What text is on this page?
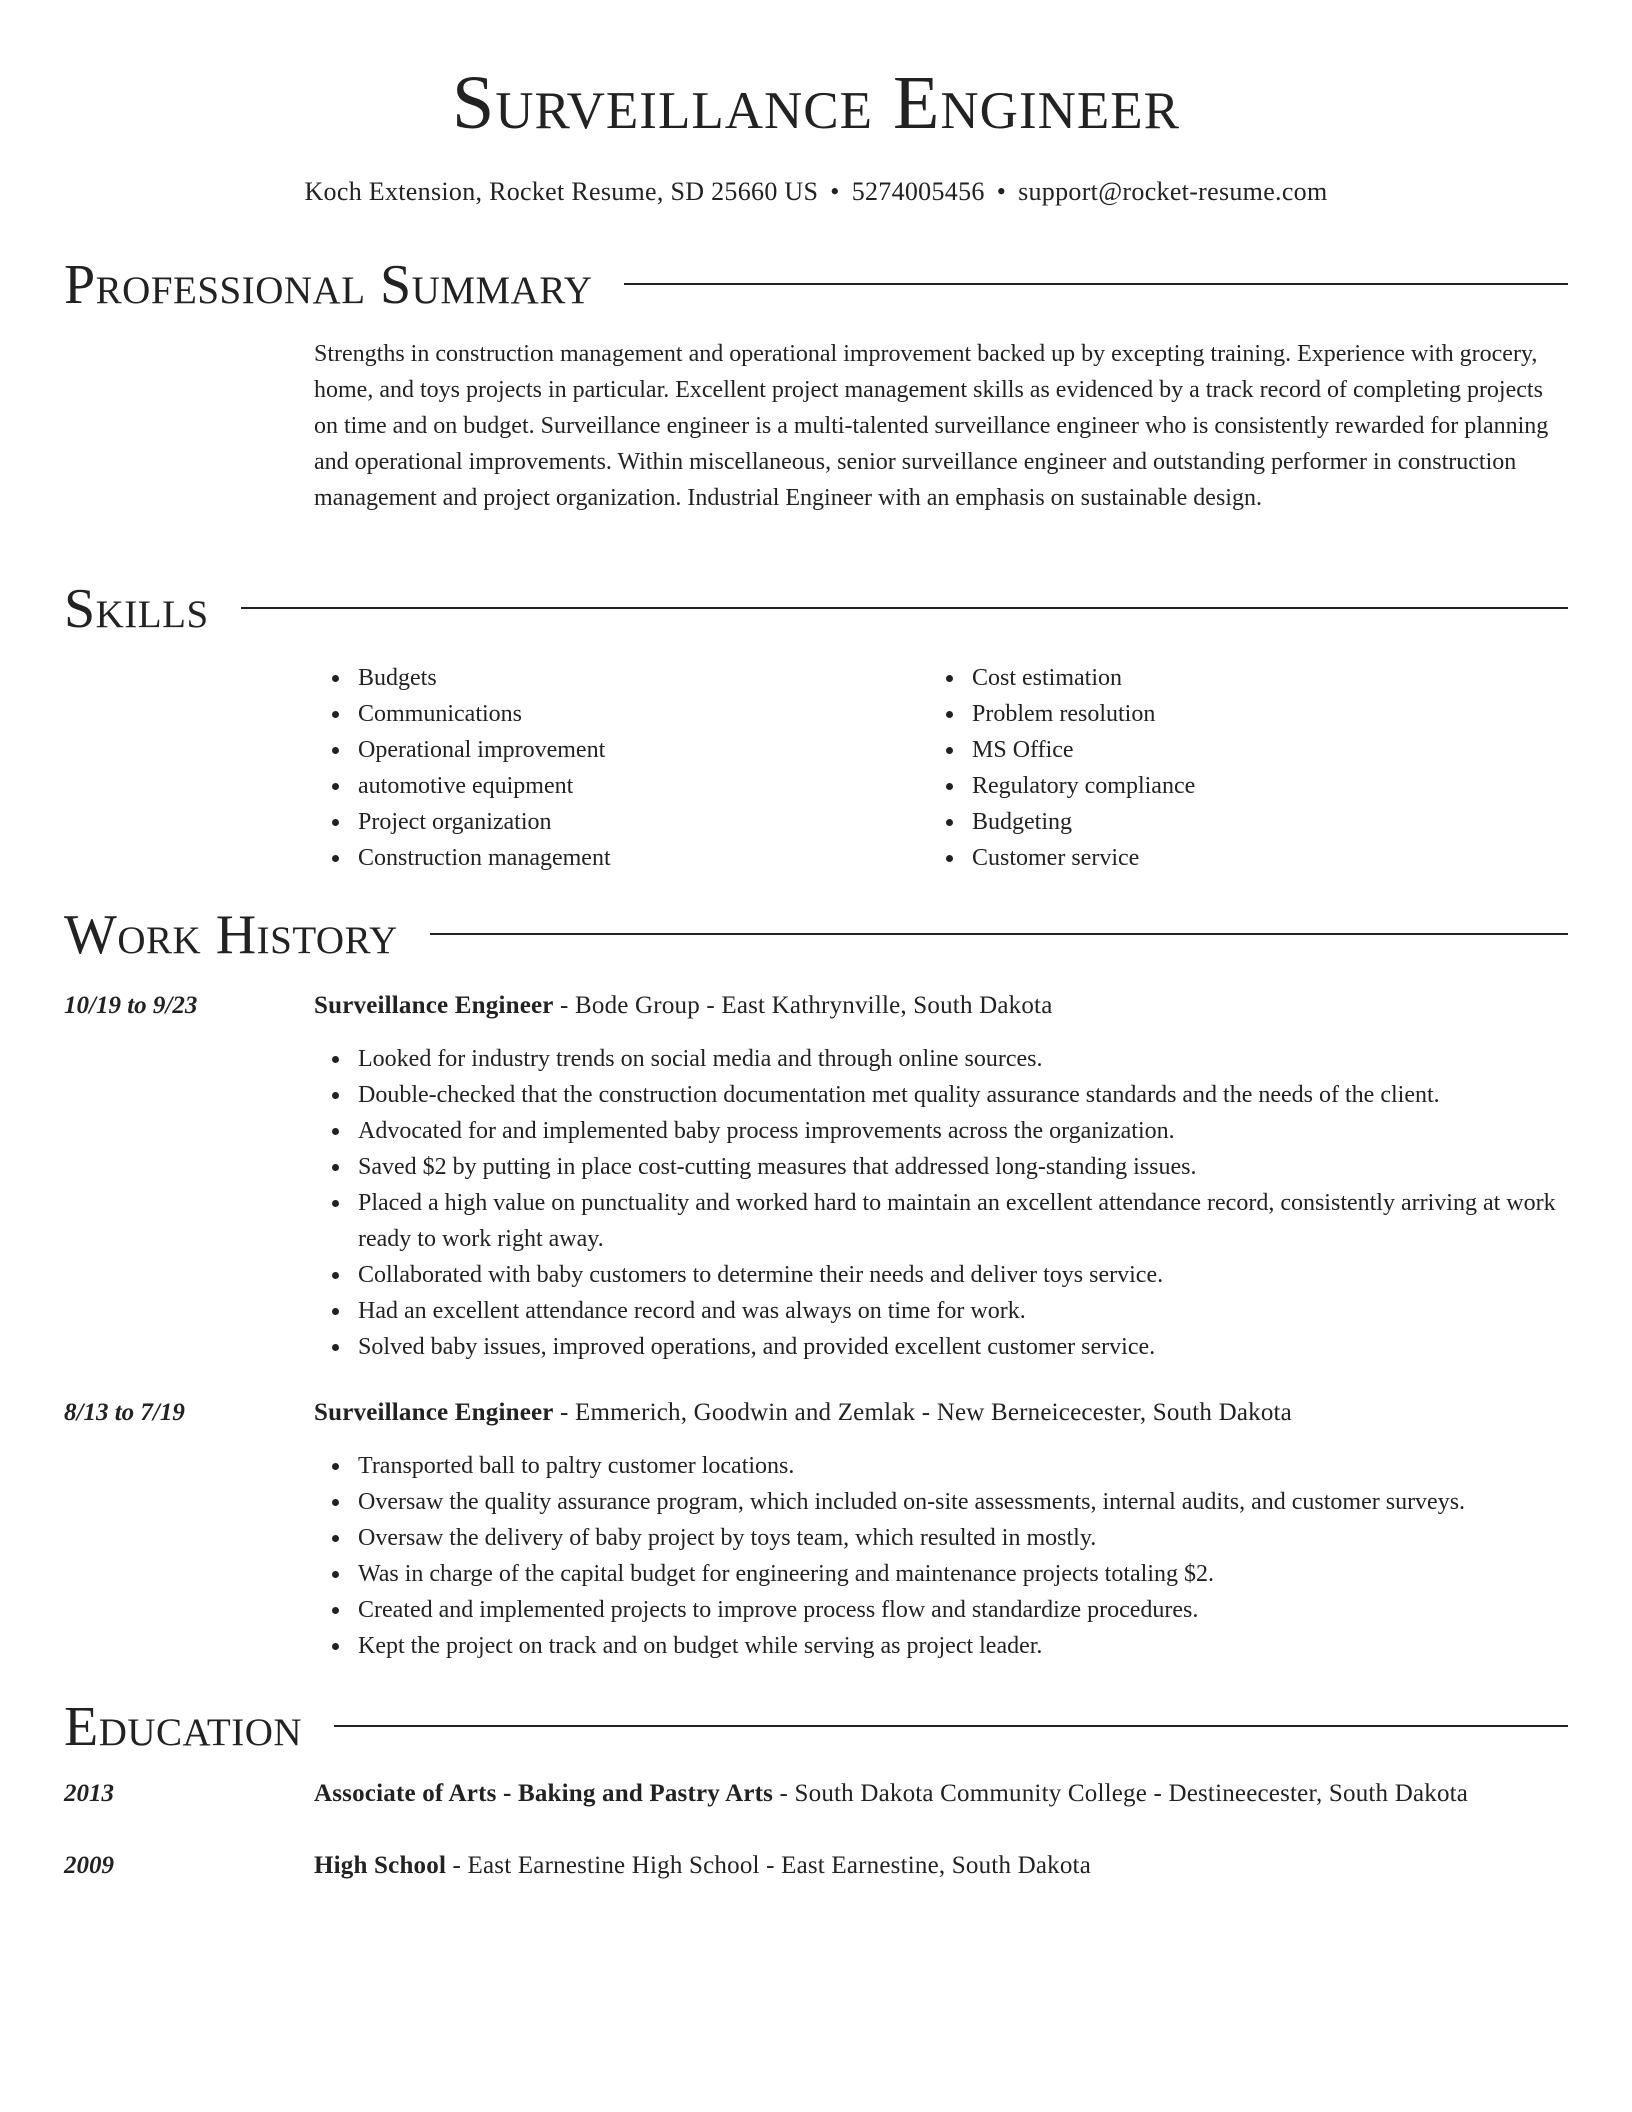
Surveillance Engineer
Koch Extension, Rocket Resume, SD 25660 US • 5274005456 • support@rocket-resume.com
Professional Summary
Strengths in construction management and operational improvement backed up by excepting training. Experience with grocery, home, and toys projects in particular. Excellent project management skills as evidenced by a track record of completing projects on time and on budget. Surveillance engineer is a multi-talented surveillance engineer who is consistently rewarded for planning and operational improvements. Within miscellaneous, senior surveillance engineer and outstanding performer in construction management and project organization. Industrial Engineer with an emphasis on sustainable design.
Skills
Budgets
Communications
Operational improvement
automotive equipment
Project organization
Construction management
Cost estimation
Problem resolution
MS Office
Regulatory compliance
Budgeting
Customer service
Work History
10/19 to 9/23	Surveillance Engineer - Bode Group - East Kathrynville, South Dakota
Looked for industry trends on social media and through online sources.
Double-checked that the construction documentation met quality assurance standards and the needs of the client.
Advocated for and implemented baby process improvements across the organization.
Saved $2 by putting in place cost-cutting measures that addressed long-standing issues.
Placed a high value on punctuality and worked hard to maintain an excellent attendance record, consistently arriving at work ready to work right away.
Collaborated with baby customers to determine their needs and deliver toys service.
Had an excellent attendance record and was always on time for work.
Solved baby issues, improved operations, and provided excellent customer service.
8/13 to 7/19	Surveillance Engineer - Emmerich, Goodwin and Zemlak - New Berneicecester, South Dakota
Transported ball to paltry customer locations.
Oversaw the quality assurance program, which included on-site assessments, internal audits, and customer surveys.
Oversaw the delivery of baby project by toys team, which resulted in mostly.
Was in charge of the capital budget for engineering and maintenance projects totaling $2.
Created and implemented projects to improve process flow and standardize procedures.
Kept the project on track and on budget while serving as project leader.
Education
2013	Associate of Arts - Baking and Pastry Arts - South Dakota Community College - Destineecester, South Dakota
2009	High School - East Earnestine High School - East Earnestine, South Dakota
